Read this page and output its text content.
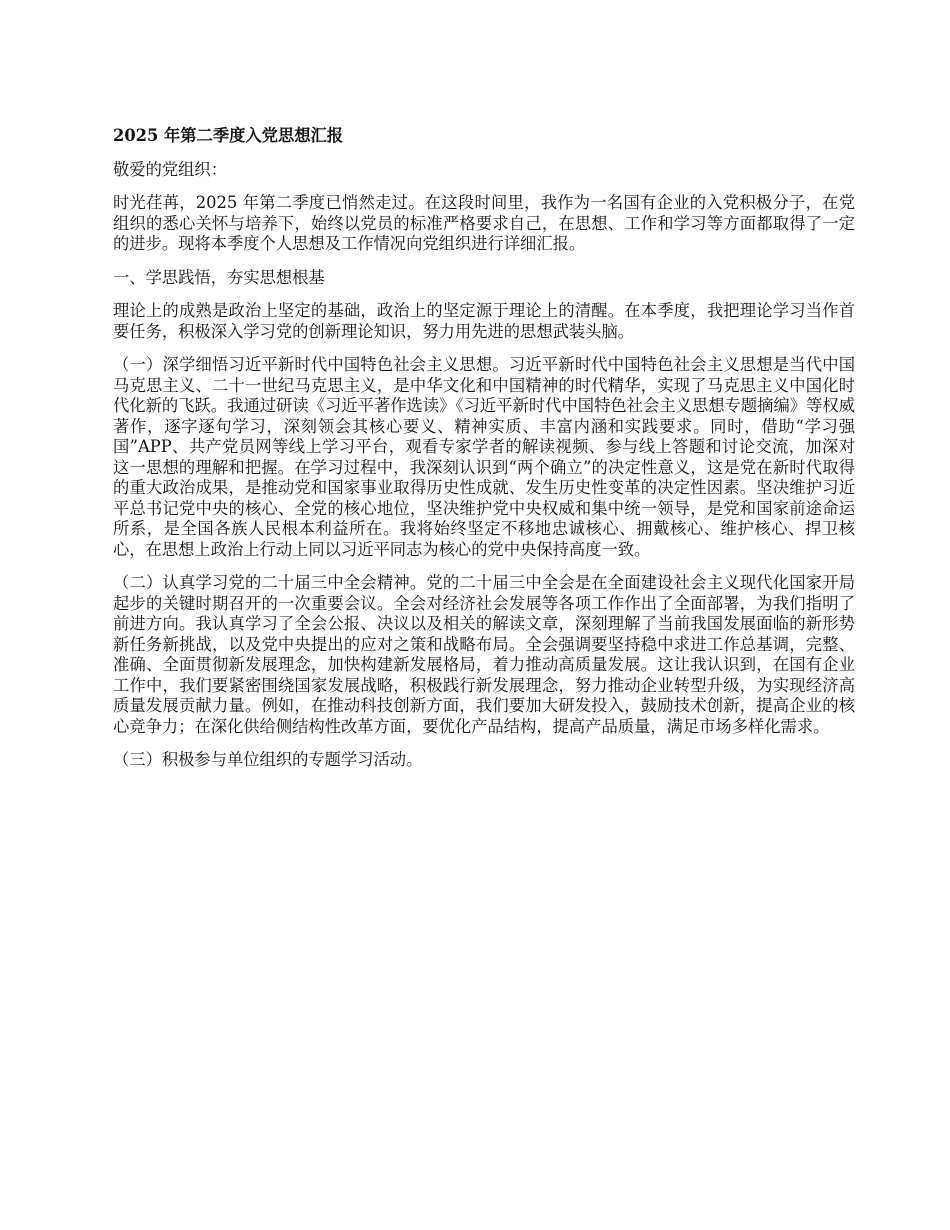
2025 年第二季度入党思想汇报

敬爱的党组织：

时光荏苒，2025 年第二季度已悄然走过。在这段时间里，我作为一名国有企业的入党积极分子，在党组织的悉心关怀与培养下，始终以党员的标准严格要求自己，在思想、工作和学习等方面都取得了一定的进步。现将本季度个人思想及工作情况向党组织进行详细汇报。

一、学思践悟，夯实思想根基

理论上的成熟是政治上坚定的基础，政治上的坚定源于理论上的清醒。在本季度，我把理论学习当作首要任务，积极深入学习党的创新理论知识，努力用先进的思想武装头脑。

（一）深学细悟习近平新时代中国特色社会主义思想。习近平新时代中国特色社会主义思想是当代中国马克思主义、二十一世纪马克思主义，是中华文化和中国精神的时代精华，实现了马克思主义中国化时代化新的飞跃。我通过研读《习近平著作选读》《习近平新时代中国特色社会主义思想专题摘编》等权威著作，逐字逐句学习，深刻领会其核心要义、精神实质、丰富内涵和实践要求。同时，借助“学习强国”APP、共产党员网等线上学习平台，观看专家学者的解读视频、参与线上答题和讨论交流，加深对这一思想的理解和把握。在学习过程中，我深刻认识到“两个确立”的决定性意义，这是党在新时代取得的重大政治成果，是推动党和国家事业取得历史性成就、发生历史性变革的决定性因素。坚决维护习近平总书记党中央的核心、全党的核心地位，坚决维护党中央权威和集中统一领导，是党和国家前途命运所系，是全国各族人民根本利益所在。我将始终坚定不移地忠诚核心、拥戴核心、维护核心、捍卫核心，在思想上政治上行动上同以习近平同志为核心的党中央保持高度一致。

（二）认真学习党的二十届三中全会精神。党的二十届三中全会是在全面建设社会主义现代化国家开局起步的关键时期召开的一次重要会议。全会对经济社会发展等各项工作作出了全面部署，为我们指明了前进方向。我认真学习了全会公报、决议以及相关的解读文章，深刻理解了当前我国发展面临的新形势新任务新挑战，以及党中央提出的应对之策和战略布局。全会强调要坚持稳中求进工作总基调，完整、准确、全面贯彻新发展理念，加快构建新发展格局，着力推动高质量发展。这让我认识到，在国有企业工作中，我们要紧密围绕国家发展战略，积极践行新发展理念，努力推动企业转型升级，为实现经济高质量发展贡献力量。例如，在推动科技创新方面，我们要加大研发投入，鼓励技术创新，提高企业的核心竞争力；在深化供给侧结构性改革方面，要优化产品结构，提高产品质量，满足市场多样化需求。

（三）积极参与单位组织的专题学习活动。
